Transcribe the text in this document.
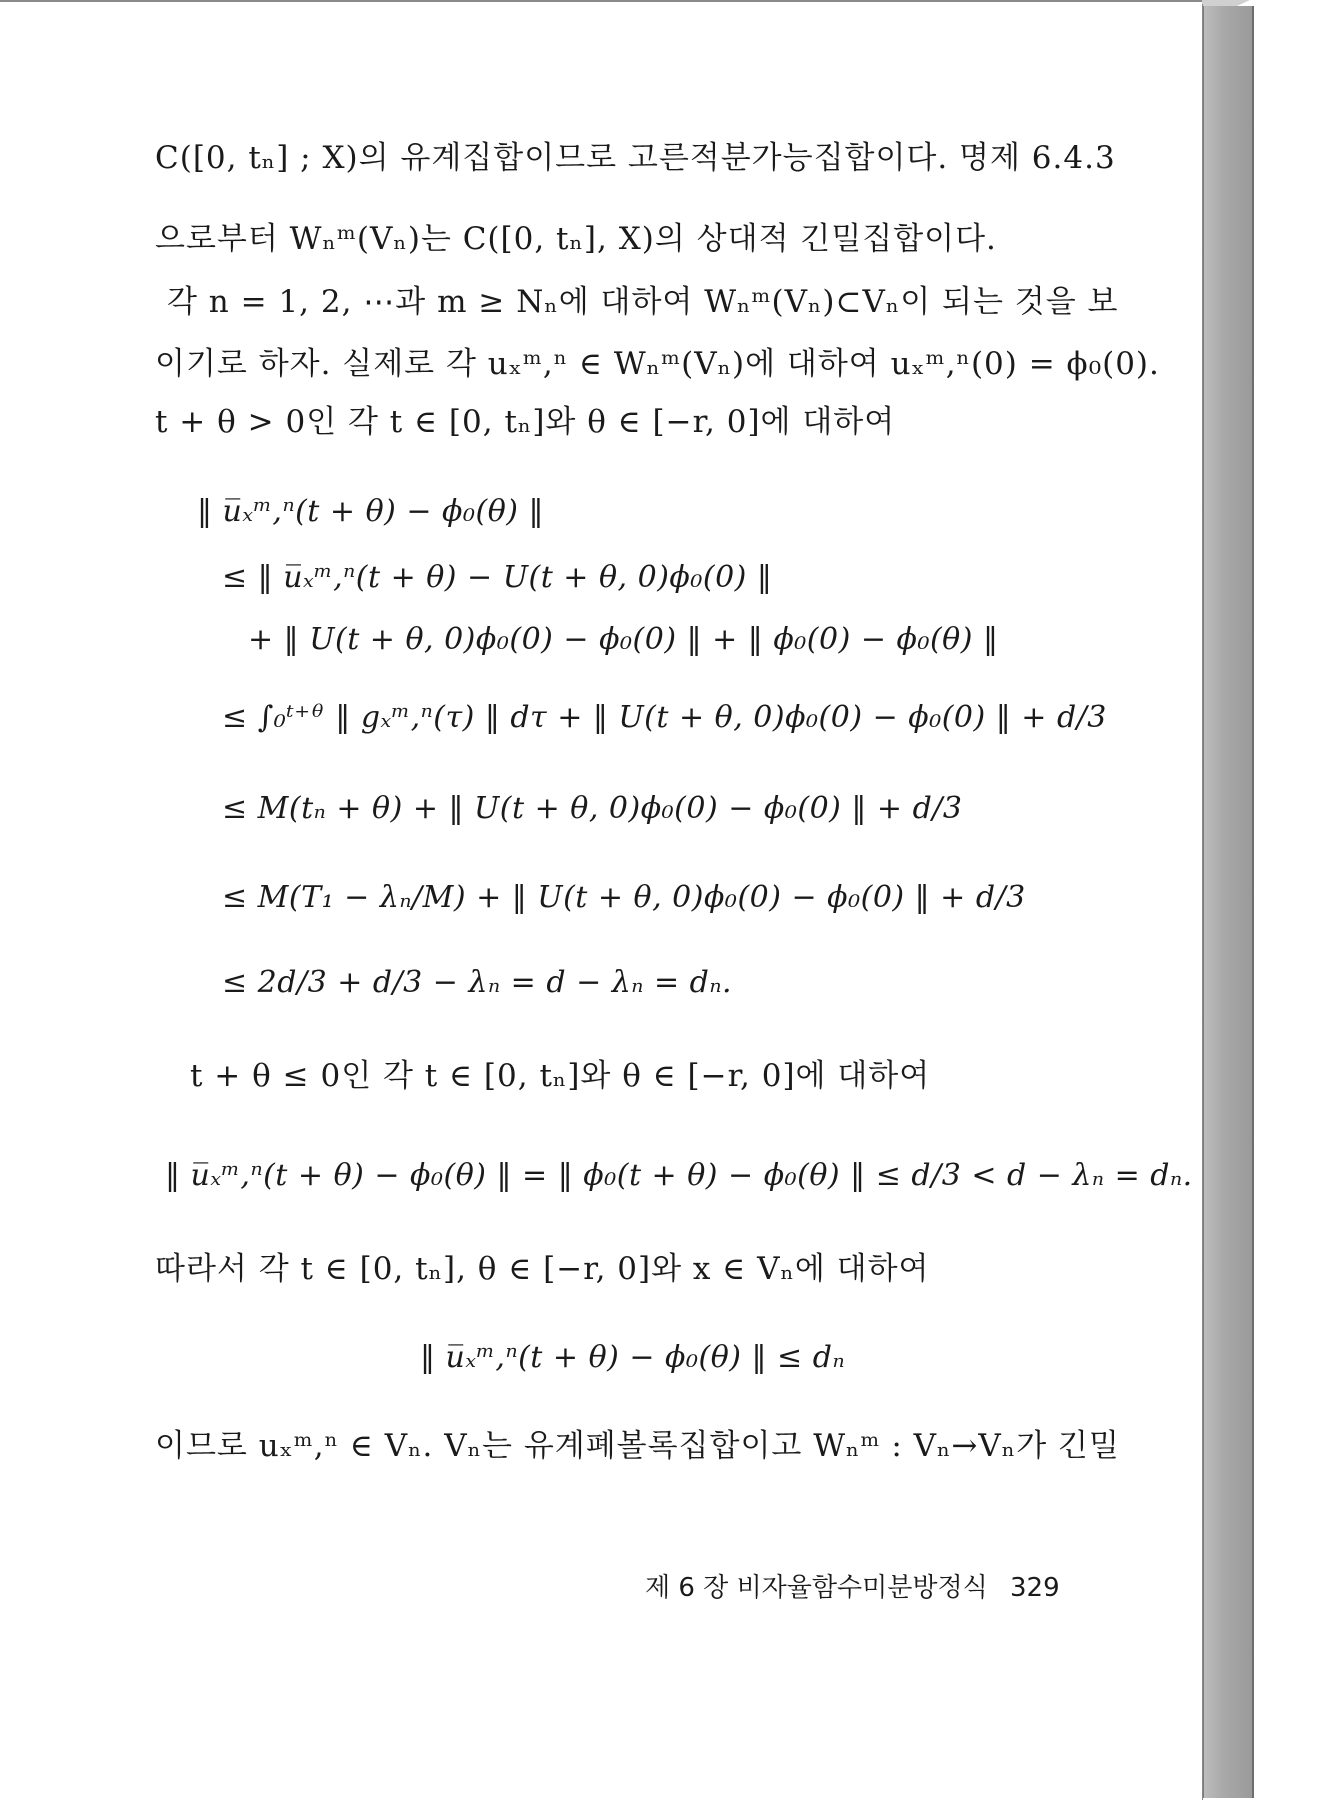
C([0, tₙ] ; X)의 유계집합이므로 고른적분가능집합이다. 명제 6.4.3
으로부터 Wₙᵐ(Vₙ)는 C([0, tₙ], X)의 상대적 긴밀집합이다.
각 n = 1, 2, ⋯과 m ≥ Nₙ에 대하여 Wₙᵐ(Vₙ)⊂Vₙ이 되는 것을 보
이기로 하자. 실제로 각 uₓᵐ,ⁿ ∈ Wₙᵐ(Vₙ)에 대하여 uₓᵐ,ⁿ(0) = ϕ₀(0).
t + θ > 0인 각 t ∈ [0, tₙ]와 θ ∈ [−r, 0]에 대하여
‖ u̅ₓᵐ,ⁿ(t + θ) − ϕ₀(θ) ‖
≤ ‖ u̅ₓᵐ,ⁿ(t + θ) − U(t + θ, 0)ϕ₀(0) ‖
+ ‖ U(t + θ, 0)ϕ₀(0) − ϕ₀(0) ‖ + ‖ ϕ₀(0) − ϕ₀(θ) ‖
≤ ∫₀ᵗ⁺ᶿ ‖ gₓᵐ,ⁿ(τ) ‖ dτ + ‖ U(t + θ, 0)ϕ₀(0) − ϕ₀(0) ‖ + d/3
≤ M(tₙ + θ) + ‖ U(t + θ, 0)ϕ₀(0) − ϕ₀(0) ‖ + d/3
≤ M(T₁ − λₙ/M) + ‖ U(t + θ, 0)ϕ₀(0) − ϕ₀(0) ‖ + d/3
≤ 2d/3 + d/3 − λₙ = d − λₙ = dₙ.
t + θ ≤ 0인 각 t ∈ [0, tₙ]와 θ ∈ [−r, 0]에 대하여
‖ u̅ₓᵐ,ⁿ(t + θ) − ϕ₀(θ) ‖ = ‖ ϕ₀(t + θ) − ϕ₀(θ) ‖ ≤ d/3 < d − λₙ = dₙ.
따라서 각 t ∈ [0, tₙ], θ ∈ [−r, 0]와 x ∈ Vₙ에 대하여
‖ u̅ₓᵐ,ⁿ(t + θ) − ϕ₀(θ) ‖ ≤ dₙ
이므로 uₓᵐ,ⁿ ∈ Vₙ. Vₙ는 유계폐볼록집합이고 Wₙᵐ : Vₙ→Vₙ가 긴밀
제 6 장 비자율함수미분방정식 329
